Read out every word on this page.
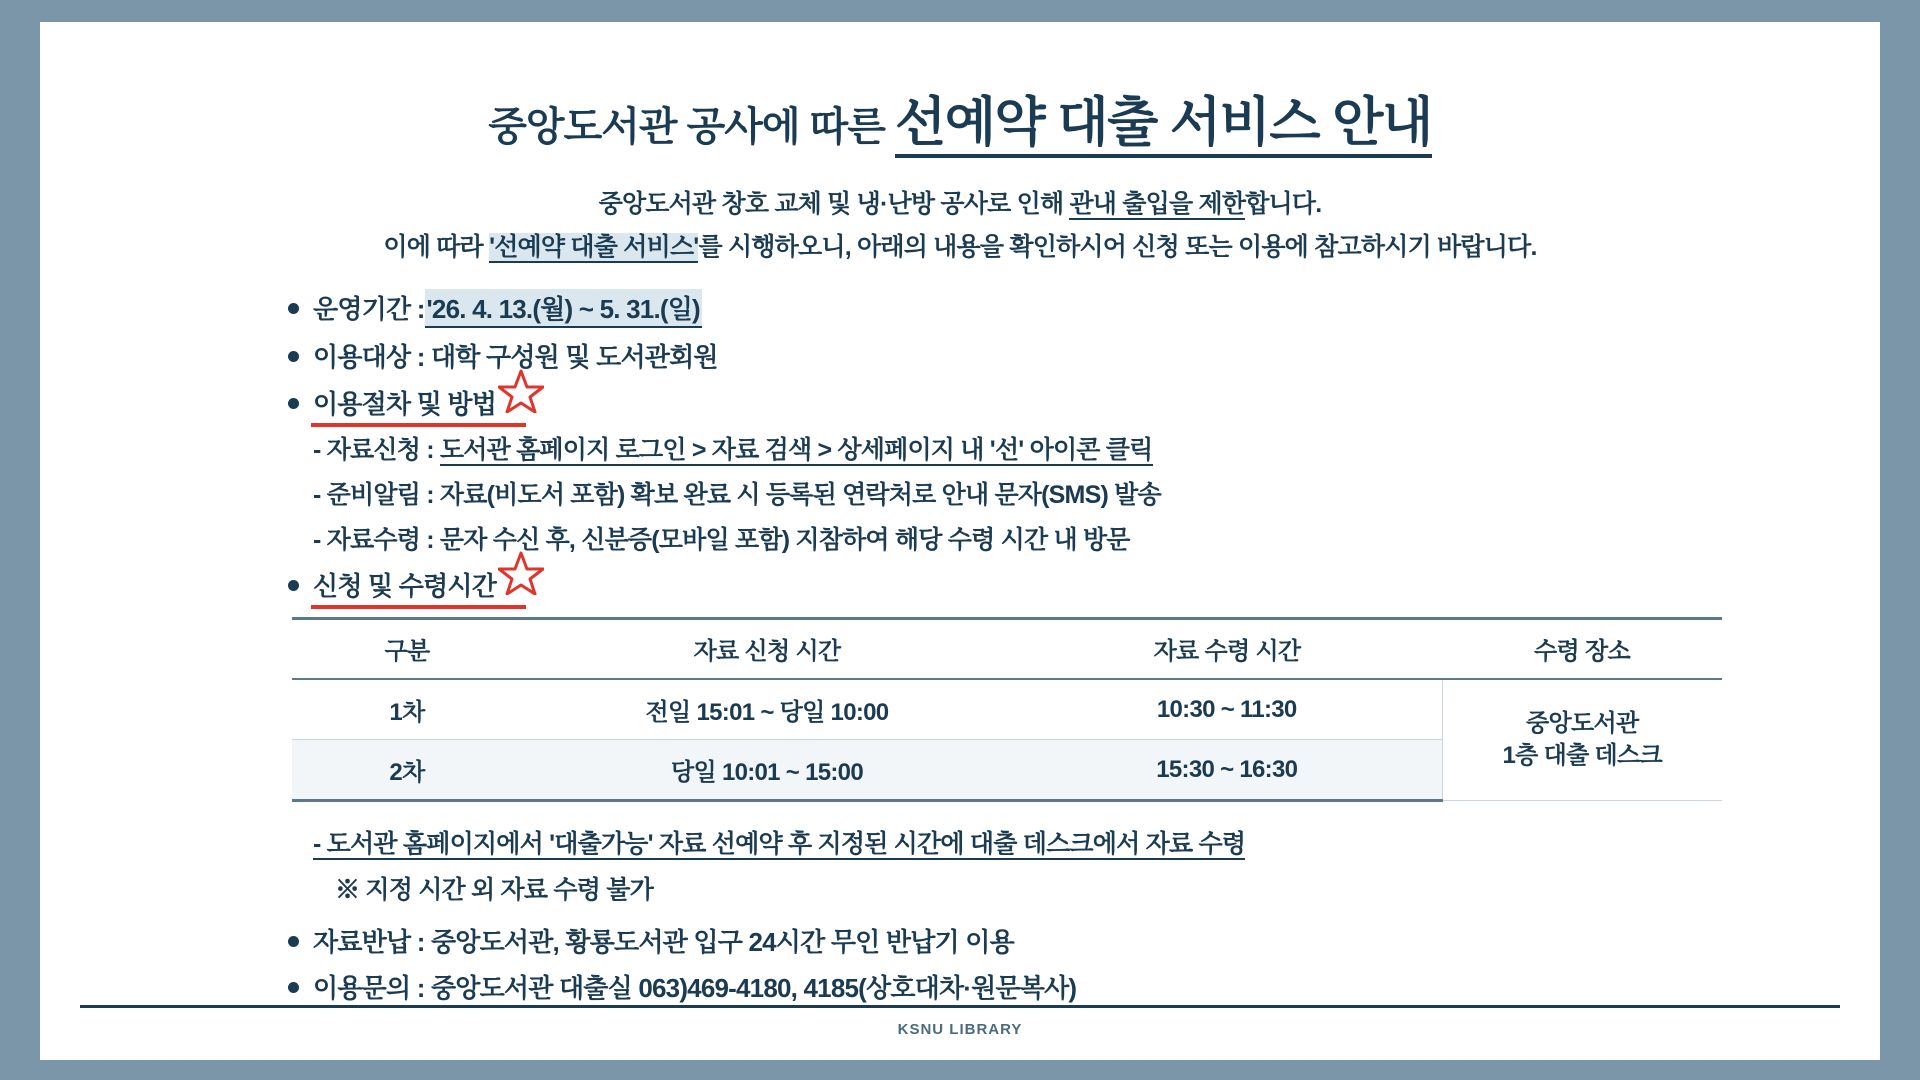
중앙도서관 공사에 따른 선예약 대출 서비스 안내
중앙도서관 창호 교체 및 냉·난방 공사로 인해 관내 출입을 제한합니다.
이에 따라 '선예약 대출 서비스'를 시행하오니, 아래의 내용을 확인하시어 신청 또는 이용에 참고하시기 바랍니다.
운영기간 : '26. 4. 13.(월) ~ 5. 31.(일)
이용대상 : 대학 구성원 및 도서관회원
이용절차 및 방법
- 자료신청 : 도서관 홈페이지 로그인 > 자료 검색 > 상세페이지 내 '선' 아이콘 클릭
- 준비알림 : 자료(비도서 포함) 확보 완료 시 등록된 연락처로 안내 문자(SMS) 발송
- 자료수령 : 문자 수신 후, 신분증(모바일 포함) 지참하여 해당 수령 시간 내 방문
신청 및 수령시간
구분	자료 신청 시간	자료 수령 시간	수령 장소
1차	전일 15:01 ~ 당일 10:00	10:30 ~ 11:30	중앙도서관
1층 대출 데스크

2차	당일 10:01 ~ 15:00	15:30 ~ 16:30	
- 도서관 홈페이지에서 '대출가능' 자료 선예약 후 지정된 시간에 대출 데스크에서 자료 수령
※ 지정 시간 외 자료 수령 불가
자료반납 : 중앙도서관, 황룡도서관 입구 24시간 무인 반납기 이용
이용문의 : 중앙도서관 대출실 063)469-4180, 4185(상호대차·원문복사)
KSNU LIBRARY
